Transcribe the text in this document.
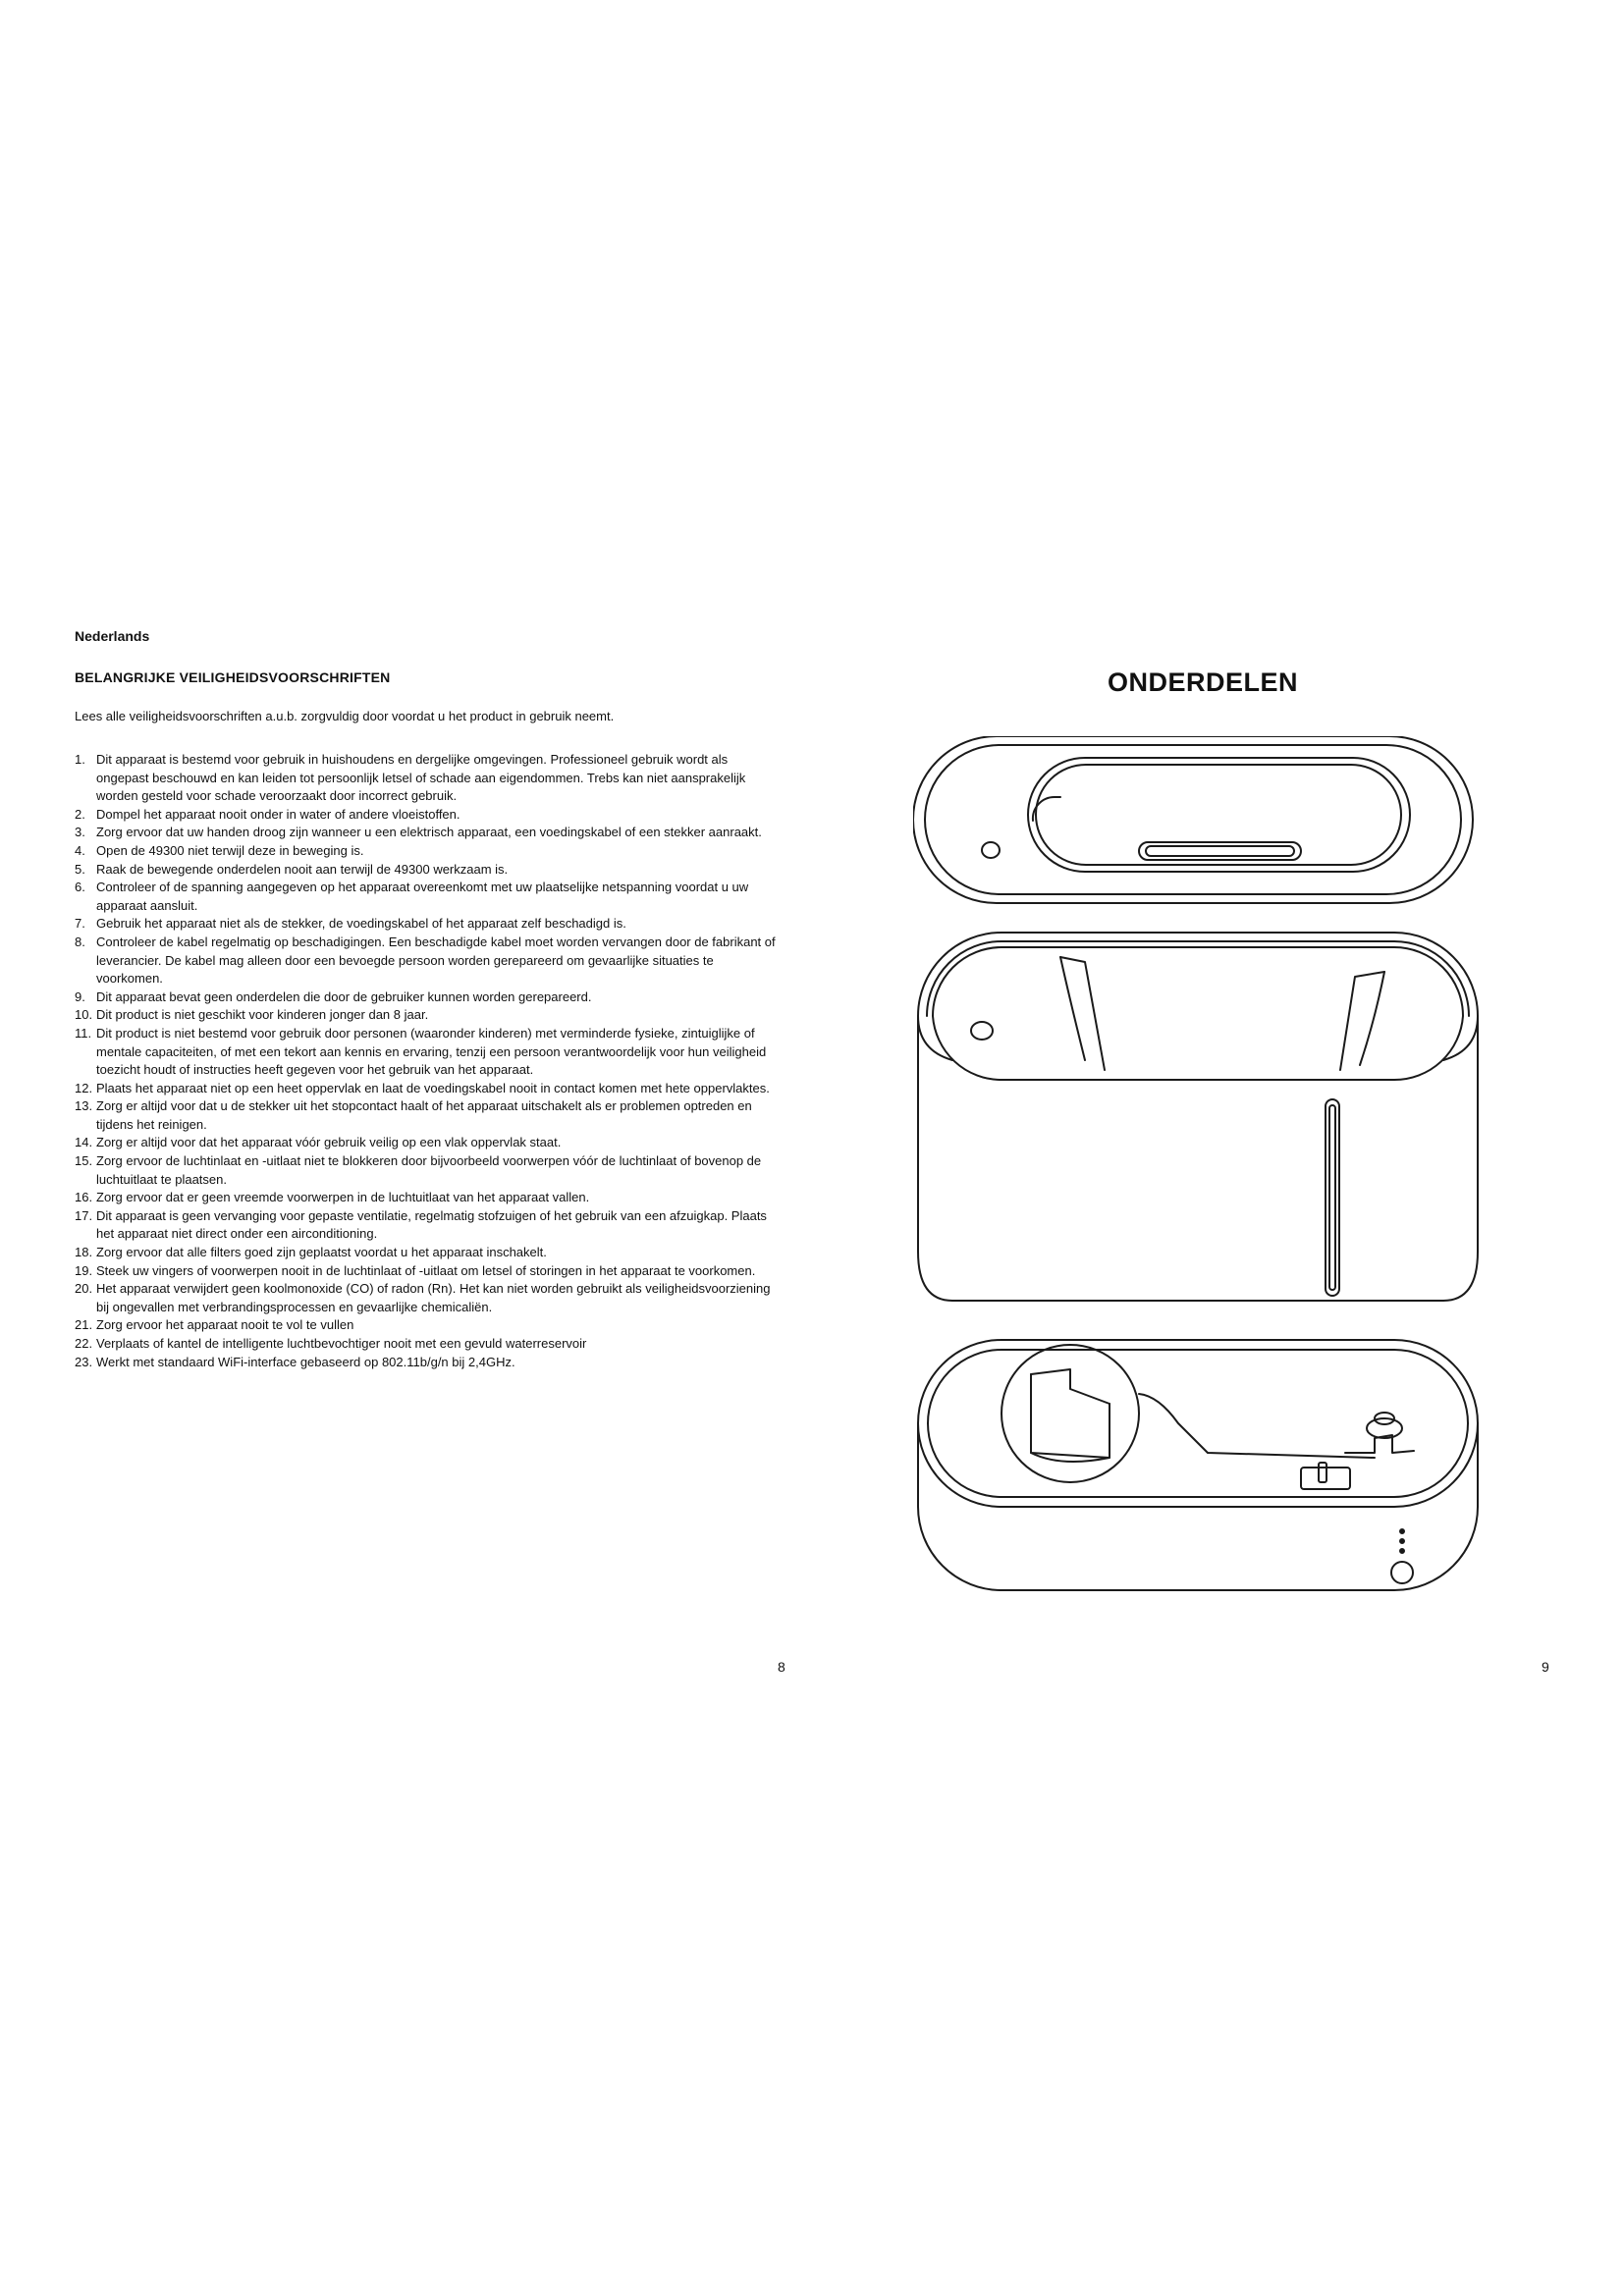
Nederlands
BELANGRIJKE VEILIGHEIDSVOORSCHRIFTEN
Lees alle veiligheidsvoorschriften a.u.b. zorgvuldig door voordat u het product in gebruik neemt.
1. Dit apparaat is bestemd voor gebruik in huishoudens en dergelijke omgevingen. Professioneel gebruik wordt als ongepast beschouwd en kan leiden tot persoonlijk letsel of schade aan eigendommen. Trebs kan niet aansprakelijk worden gesteld voor schade veroorzaakt door incorrect gebruik.
2. Dompel het apparaat nooit onder in water of andere vloeistoffen.
3. Zorg ervoor dat uw handen droog zijn wanneer u een elektrisch apparaat, een voedingskabel of een stekker aanraakt.
4. Open de 49300 niet terwijl deze in beweging is.
5. Raak de bewegende onderdelen nooit aan terwijl de 49300 werkzaam is.
6. Controleer of de spanning aangegeven op het apparaat overeenkomt met uw plaatselijke netspanning voordat u uw apparaat aansluit.
7. Gebruik het apparaat niet als de stekker, de voedingskabel of het apparaat zelf beschadigd is.
8. Controleer de kabel regelmatig op beschadigingen. Een beschadigde kabel moet worden vervangen door de fabrikant of leverancier. De kabel mag alleen door een bevoegde persoon worden gerepareerd om gevaarlijke situaties te voorkomen.
9. Dit apparaat bevat geen onderdelen die door de gebruiker kunnen worden gerepareerd.
10. Dit product is niet geschikt voor kinderen jonger dan 8 jaar.
11. Dit product is niet bestemd voor gebruik door personen (waaronder kinderen) met verminderde fysieke, zintuiglijke of mentale capaciteiten, of met een tekort aan kennis en ervaring, tenzij een persoon verantwoordelijk voor hun veiligheid toezicht houdt of instructies heeft gegeven voor het gebruik van het apparaat.
12. Plaats het apparaat niet op een heet oppervlak en laat de voedingskabel nooit in contact komen met hete oppervlaktes.
13. Zorg er altijd voor dat u de stekker uit het stopcontact haalt of het apparaat uitschakelt als er problemen optreden en tijdens het reinigen.
14. Zorg er altijd voor dat het apparaat vóór gebruik veilig op een vlak oppervlak staat.
15. Zorg ervoor de luchtinlaat en -uitlaat niet te blokkeren door bijvoorbeeld voorwerpen vóór de luchtinlaat of bovenop de luchtuitlaat te plaatsen.
16. Zorg ervoor dat er geen vreemde voorwerpen in de luchtuitlaat van het apparaat vallen.
17. Dit apparaat is geen vervanging voor gepaste ventilatie, regelmatig stofzuigen of het gebruik van een afzuigkap. Plaats het apparaat niet direct onder een airconditioning.
18. Zorg ervoor dat alle filters goed zijn geplaatst voordat u het apparaat inschakelt.
19. Steek uw vingers of voorwerpen nooit in de luchtinlaat of -uitlaat om letsel of storingen in het apparaat te voorkomen.
20. Het apparaat verwijdert geen koolmonoxide (CO) of radon (Rn). Het kan niet worden gebruikt als veiligheidsvoorziening bij ongevallen met verbrandingsprocessen en gevaarlijke chemicaliën.
21. Zorg ervoor het apparaat nooit te vol te vullen
22. Verplaats of kantel de intelligente luchtbevochtiger nooit met een gevuld waterreservoir
23. Werkt met standaard WiFi-interface gebaseerd op 802.11b/g/n bij 2,4GHz.
8
ONDERDELEN
9
